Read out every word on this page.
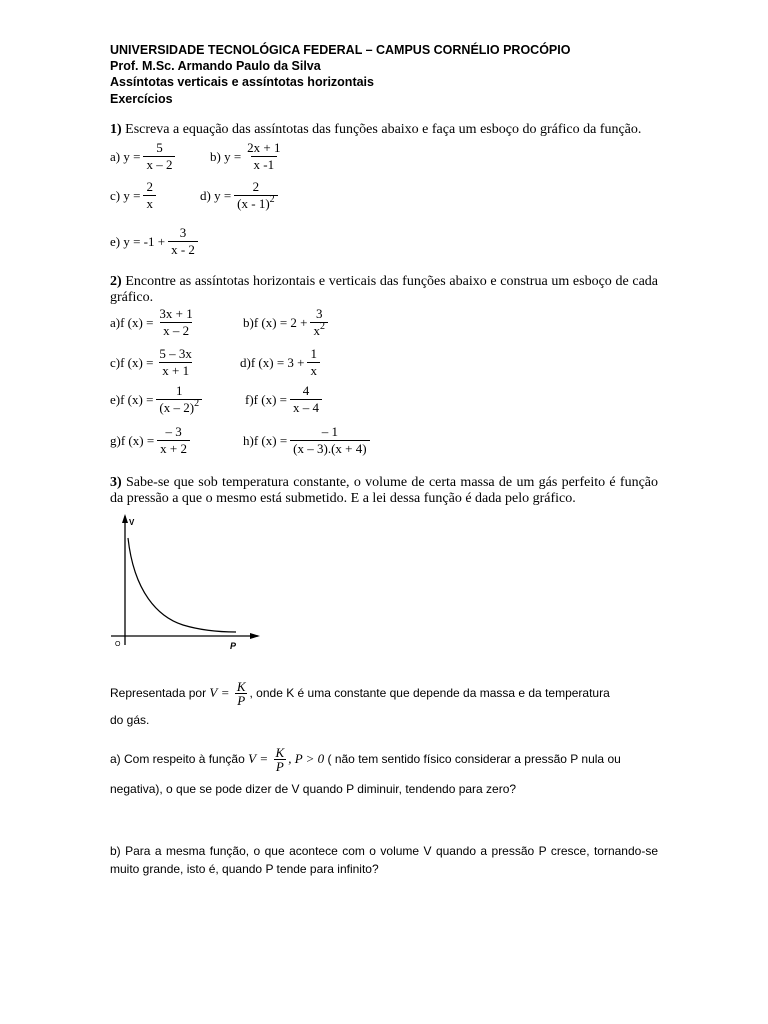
UNIVERSIDADE TECNOLÓGICA FEDERAL – CAMPUS CORNÉLIO PROCÓPIO
Prof. M.Sc. Armando Paulo da Silva
Assíntotas verticais e assíntotas horizontais
Exercícios
1) Escreva a equação das assíntotas das funções abaixo e faça um esboço do gráfico da função.
a) $y = \frac{5}{x - 2}$	b) $y = \frac{2x + 1}{x -1}$
c) $y = \frac{2}{x}$	d) $y = \frac{2}{(x - 1)^2}$
e) $y = -1 + \frac{3}{x - 2}$
2) Encontre as assíntotas horizontais e verticais das funções abaixo e construa um esboço de cada gráfico.
a)f $(x) = \frac{3x + 1}{x - 2}$	b)f $(x) = 2 + \frac{3}{x^2}$
c)f $(x) = \frac{5 - 3x}{x + 1}$	d)f $(x) = 3 + \frac{1}{x}$
e)f $(x) = \frac{1}{(x - 2)^2}$	f)f $(x) = \frac{4}{x - 4}$
g)f $(x) = \frac{- 3}{x + 2}$	h)f $(x) = \frac{- 1}{(x - 3).(x + 4)}$
3) Sabe-se que sob temperatura constante, o volume de certa massa de um gás perfeito é função da pressão a que o mesmo está submetido. E a lei dessa função é dada pelo gráfico.
V
P
O
Representada por $V = \frac{K}{P}$ , onde K é uma constante que depende da massa e da temperatura
do gás.
a) Com respeito à função $V = \frac{K}{P}$ , P > 0 ( não tem sentido físico considerar a pressão P nula ou
negativa), o que se pode dizer de V quando P diminuir, tendendo para zero?
b) Para a mesma função, o que acontece com o volume V quando a pressão P cresce, tornando-se muito grande, isto é, quando P tende para infinito?
